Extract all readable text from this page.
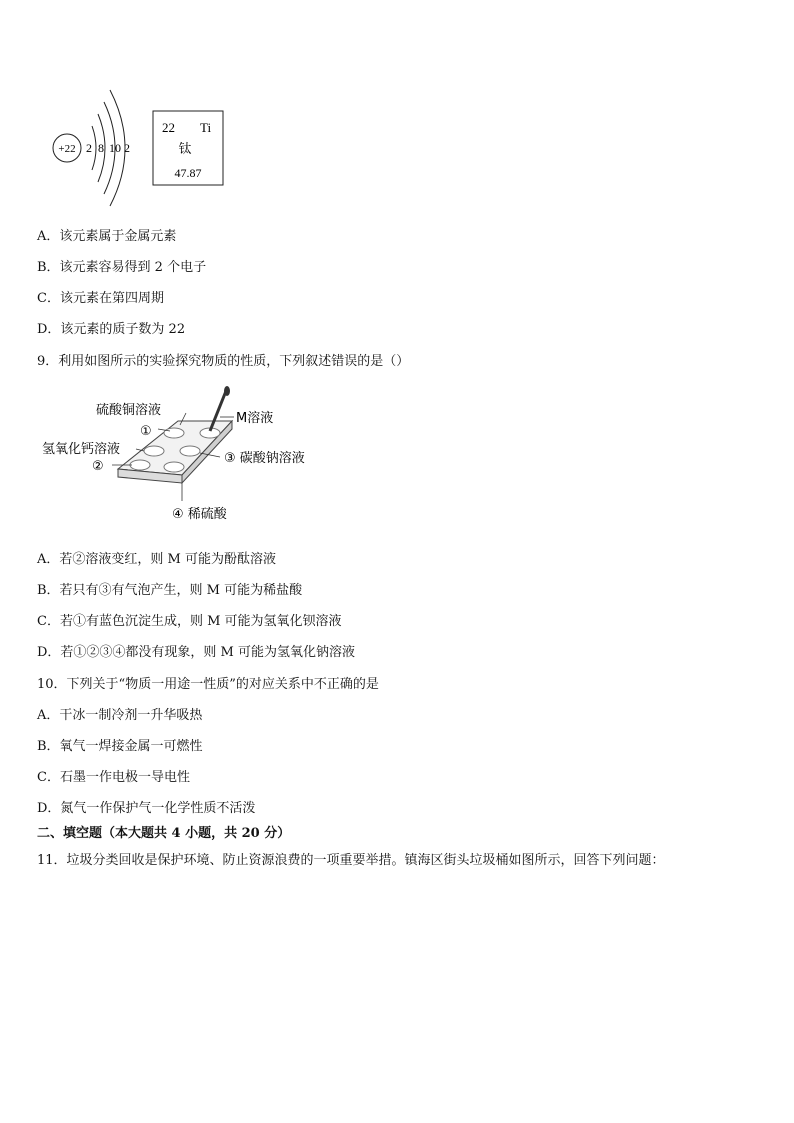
+22 2 8 10 2
22 Ti
钛
47.87
A．该元素属于金属元素
B．该元素容易得到 2 个电子
C．该元素在第四周期
D．该元素的质子数为 22
9．利用如图所示的实验探究物质的性质，下列叙述错误的是（）
硫酸铜溶液
M溶液
①
氢氧化钙溶液
②
③ 碳酸钠溶液
④ 稀硫酸
A．若②溶液变红，则 M 可能为酚酞溶液
B．若只有③有气泡产生，则 M 可能为稀盐酸
C．若①有蓝色沉淀生成，则 M 可能为氢氧化钡溶液
D．若①②③④都没有现象，则 M 可能为氢氧化钠溶液
10．下列关于“物质一用途一性质”的对应关系中不正确的是
A．干冰一制冷剂一升华吸热
B．氧气一焊接金属一可燃性
C．石墨一作电极一导电性
D．氮气一作保护气一化学性质不活泼
二、填空题（本大题共 4 小题，共 20 分）
11．垃圾分类回收是保护环境、防止资源浪费的一项重要举措。镇海区街头垃圾桶如图所示，回答下列问题：
